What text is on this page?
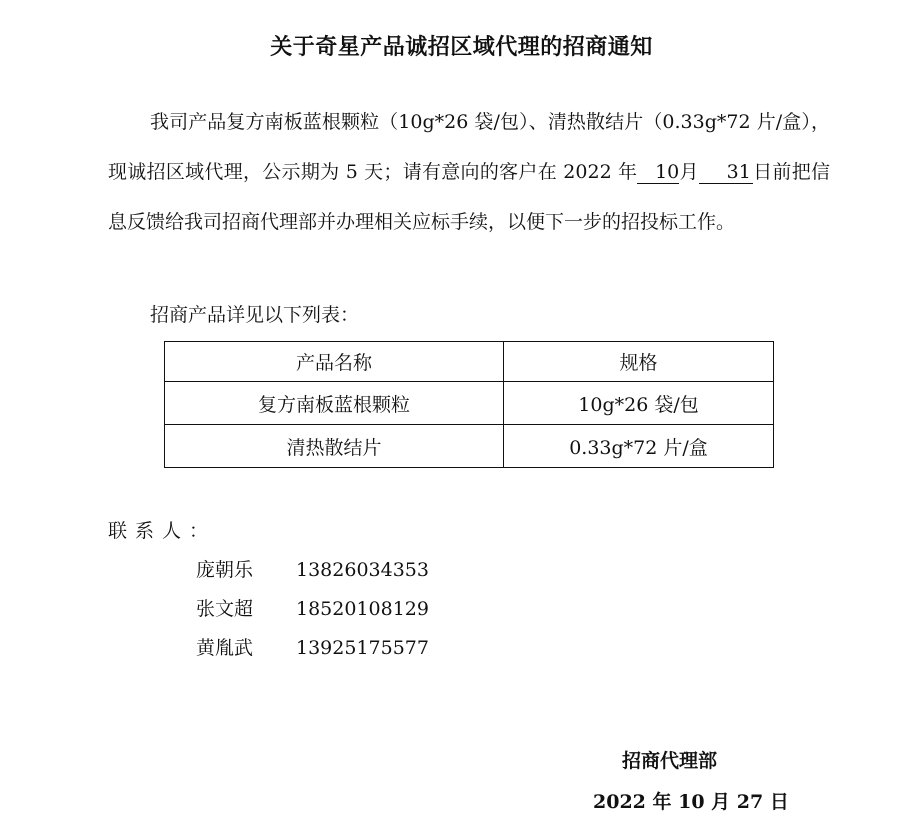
关于奇星产品诚招区域代理的招商通知
我司产品复方南板蓝根颗粒（10g*26 袋/包）、清热散结片（0.33g*72 片/盒），现诚招区域代理，公示期为 5 天；请有意向的客户在 2022 年 10月 31 日前把信息反馈给我司招商代理部并办理相关应标手续，以便下一步的招投标工作。
招商产品详见以下列表：
产品名称	规格
复方南板蓝根颗粒	10g*26 袋/包
清热散结片	0.33g*72 片/盒
联系人：
庞朝乐 13826034353
张文超 18520108129
黄胤武 13925175577
招商代理部
2022 年 10 月 27 日
